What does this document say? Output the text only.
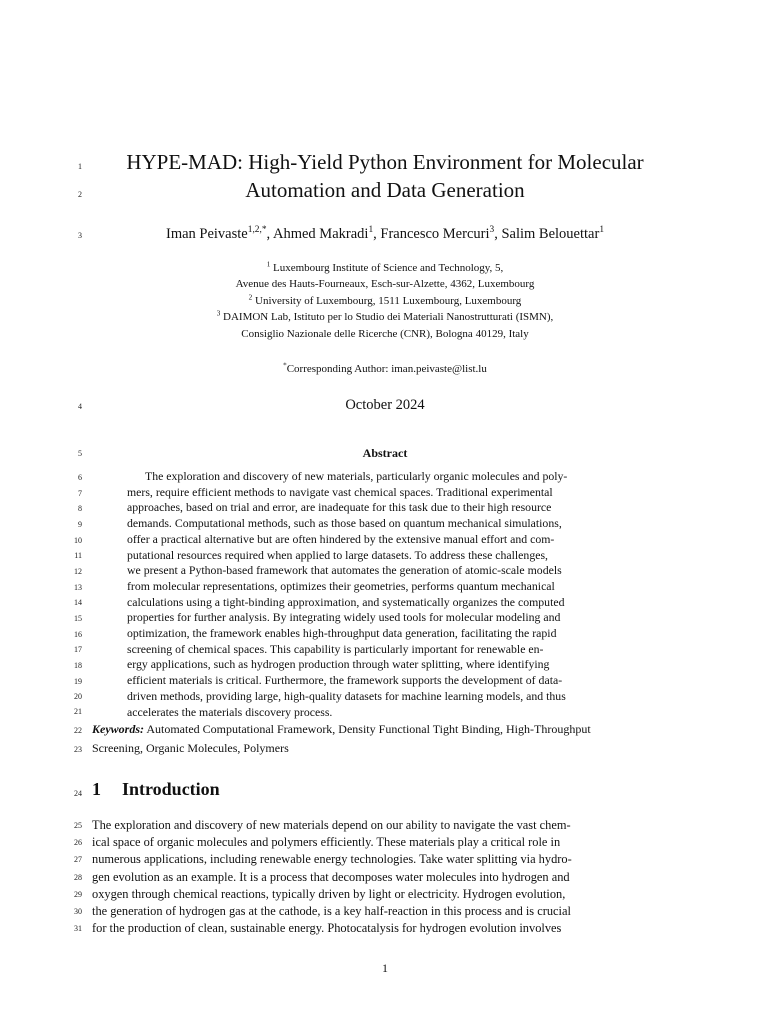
1
2
3
4
5
6
7
8
9
10
11
12
13
14
15
16
17
18
19
20
21
22
23
24
25
26
27
28
29
30
31
HYPE-MAD: High-Yield Python Environment for Molecular
Automation and Data Generation
Iman Peivaste$^{1,2,*}$, Ahmed Makradi$^1$, Francesco Mercuri$^3$, Salim Belouettar$^1$
$^1$ Luxembourg Institute of Science and Technology, 5,
Avenue des Hauts-Fourneaux, Esch-sur-Alzette, 4362, Luxembourg
$^2$ University of Luxembourg, 1511 Luxembourg, Luxembourg
$^3$ DAIMON Lab, Istituto per lo Studio dei Materiali Nanostrutturati (ISMN),
Consiglio Nazionale delle Ricerche (CNR), Bologna 40129, Italy
*Corresponding Author: iman.peivaste@list.lu
October 2024
Abstract
The exploration and discovery of new materials, particularly organic molecules and poly-
mers, require efficient methods to navigate vast chemical spaces. Traditional experimental
approaches, based on trial and error, are inadequate for this task due to their high resource
demands. Computational methods, such as those based on quantum mechanical simulations,
offer a practical alternative but are often hindered by the extensive manual effort and com-
putational resources required when applied to large datasets. To address these challenges,
we present a Python-based framework that automates the generation of atomic-scale models
from molecular representations, optimizes their geometries, performs quantum mechanical
calculations using a tight-binding approximation, and systematically organizes the computed
properties for further analysis. By integrating widely used tools for molecular modeling and
optimization, the framework enables high-throughput data generation, facilitating the rapid
screening of chemical spaces. This capability is particularly important for renewable en-
ergy applications, such as hydrogen production through water splitting, where identifying
efficient materials is critical. Furthermore, the framework supports the development of data-
driven methods, providing large, high-quality datasets for machine learning models, and thus
accelerates the materials discovery process.
Keywords: Automated Computational Framework, Density Functional Tight Binding, High-Throughput
Screening, Organic Molecules, Polymers
1 Introduction
The exploration and discovery of new materials depend on our ability to navigate the vast chem-
ical space of organic molecules and polymers efficiently. These materials play a critical role in
numerous applications, including renewable energy technologies. Take water splitting via hydro-
gen evolution as an example. It is a process that decomposes water molecules into hydrogen and
oxygen through chemical reactions, typically driven by light or electricity. Hydrogen evolution,
the generation of hydrogen gas at the cathode, is a key half-reaction in this process and is crucial
for the production of clean, sustainable energy. Photocatalysis for hydrogen evolution involves
1
